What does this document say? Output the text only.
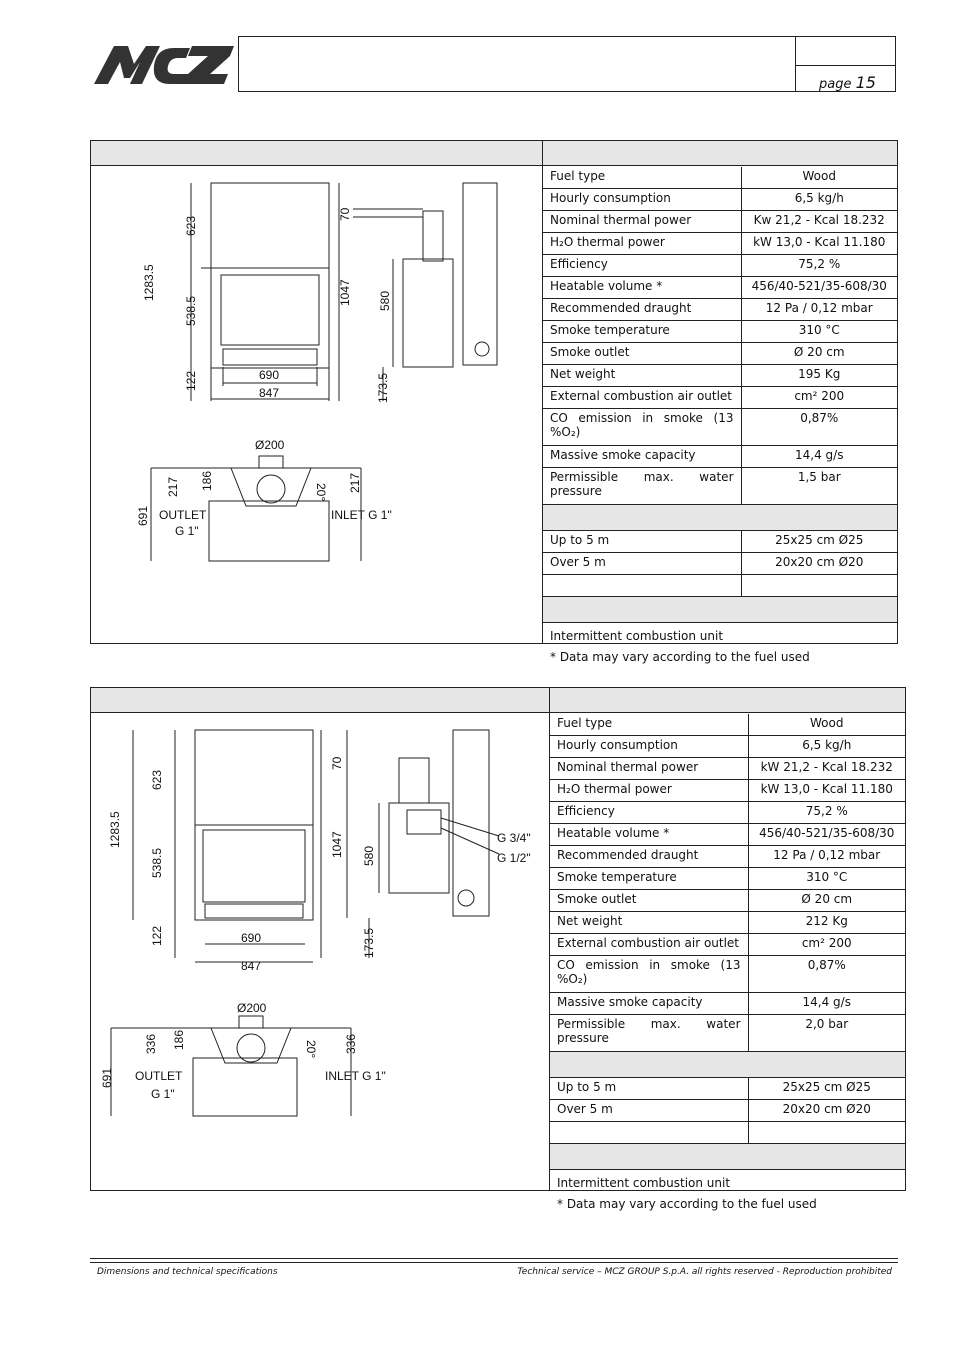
page 15
623
1283.5
538.5
122	690
847
70
1047 580
173.5
Ø200
217 186
20° 217
691 OUTLET
G 1"
INLET G 1"
Fuel type	Wood
Hourly consumption	6,5 kg/h
Nominal thermal power	Kw 21,2 - Kcal 18.232
H₂O thermal power	kW 13,0 - Kcal 11.180
Efficiency	75,2 %
Heatable volume *	456/40-521/35-608/30
Recommended draught	12 Pa / 0,12 mbar
Smoke temperature	310 °C
Smoke outlet	Ø 20 cm
Net weight	195 Kg
External combustion air outlet	cm² 200
CO emission in smoke (13 %O₂)	0,87%
Massive smoke capacity	14,4 g/s
Permissible max. water pressure	1,5 bar

Up to 5 m	25x25 cm Ø25
Over 5 m	20x20 cm Ø20

Intermittent combustion unit	
* Data may vary according to the fuel used	
623
1283.5
538.5
122	690
847
70
1047 580
173.5
G 3/4"
G 1/2"
Ø200
336 186	20° 336
691 OUTLET
G 1"
INLET G 1"
Fuel type	Wood
Hourly consumption	6,5 kg/h
Nominal thermal power	kW 21,2 - Kcal 18.232
H₂O thermal power	kW 13,0 - Kcal 11.180
Efficiency	75,2 %
Heatable volume *	456/40-521/35-608/30
Recommended draught	12 Pa / 0,12 mbar
Smoke temperature	310 °C
Smoke outlet	Ø 20 cm
Net weight	212 Kg
External combustion air outlet	cm² 200
CO emission in smoke (13 %O₂)	0,87%
Massive smoke capacity	14,4 g/s
Permissible max. water pressure	2,0 bar

Up to 5 m	25x25 cm Ø25
Over 5 m	20x20 cm Ø20

Intermittent combustion unit	
* Data may vary according to the fuel used	
Dimensions and technical specifications	Technical service – MCZ GROUP S.p.A. all rights reserved - Reproduction prohibited
